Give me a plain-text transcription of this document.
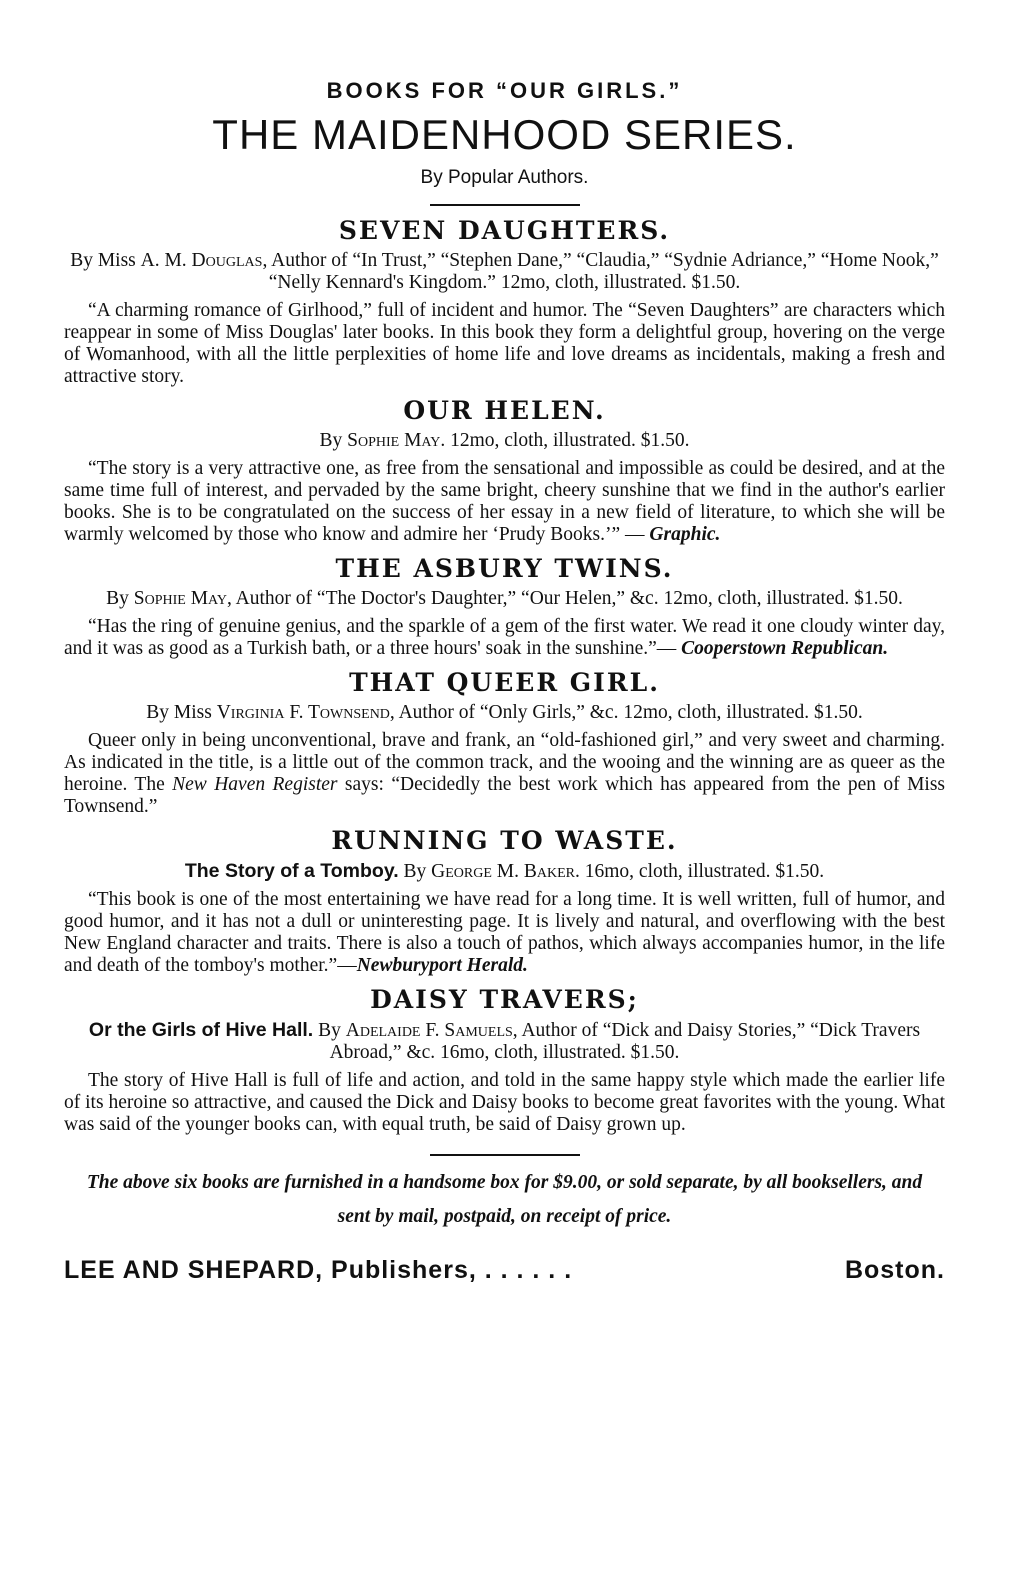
BOOKS FOR “OUR GIRLS.”

THE MAIDENHOOD SERIES.

By Popular Authors.

SEVEN DAUGHTERS.

By Miss A. M. Douglas, Author of “In Trust,” “Stephen Dane,” “Claudia,” “Sydnie Adriance,” “Home Nook,” “Nelly Kennard's Kingdom.” 12mo, cloth, illustrated. $1.50.

“A charming romance of Girlhood,” full of incident and humor. The “Seven Daughters” are characters which reappear in some of Miss Douglas' later books. In this book they form a delightful group, hovering on the verge of Womanhood, with all the little perplexities of home life and love dreams as incidentals, making a fresh and attractive story.

OUR HELEN.

By Sophie May. 12mo, cloth, illustrated. $1.50.

“The story is a very attractive one, as free from the sensational and impossible as could be desired, and at the same time full of interest, and pervaded by the same bright, cheery sunshine that we find in the author's earlier books. She is to be congratulated on the success of her essay in a new field of literature, to which she will be warmly welcomed by those who know and admire her ‘Prudy Books.’” — Graphic.

THE ASBURY TWINS.

By Sophie May, Author of “The Doctor's Daughter,” “Our Helen,” &c. 12mo, cloth, illustrated. $1.50.

“Has the ring of genuine genius, and the sparkle of a gem of the first water. We read it one cloudy winter day, and it was as good as a Turkish bath, or a three hours' soak in the sunshine.”— Cooperstown Republican.

THAT QUEER GIRL.

By Miss Virginia F. Townsend, Author of “Only Girls,” &c. 12mo, cloth, illustrated. $1.50.

Queer only in being unconventional, brave and frank, an “old-fashioned girl,” and very sweet and charming. As indicated in the title, is a little out of the common track, and the wooing and the winning are as queer as the heroine. The New Haven Register says: “Decidedly the best work which has appeared from the pen of Miss Townsend.”

RUNNING TO WASTE.

The Story of a Tomboy. By George M. Baker. 16mo, cloth, illustrated. $1.50.

“This book is one of the most entertaining we have read for a long time. It is well written, full of humor, and good humor, and it has not a dull or uninteresting page. It is lively and natural, and overflowing with the best New England character and traits. There is also a touch of pathos, which always accompanies humor, in the life and death of the tomboy's mother.”—Newburyport Herald.

DAISY TRAVERS;

Or the Girls of Hive Hall. By Adelaide F. Samuels, Author of “Dick and Daisy Stories,” “Dick Travers Abroad,” &c. 16mo, cloth, illustrated. $1.50.

The story of Hive Hall is full of life and action, and told in the same happy style which made the earlier life of its heroine so attractive, and caused the Dick and Daisy books to become great favorites with the young. What was said of the younger books can, with equal truth, be said of Daisy grown up.

The above six books are furnished in a handsome box for $9.00, or sold separate, by all booksellers, and sent by mail, postpaid, on receipt of price.

LEE AND SHEPARD, Publishers, . . . . . .	Boston.
